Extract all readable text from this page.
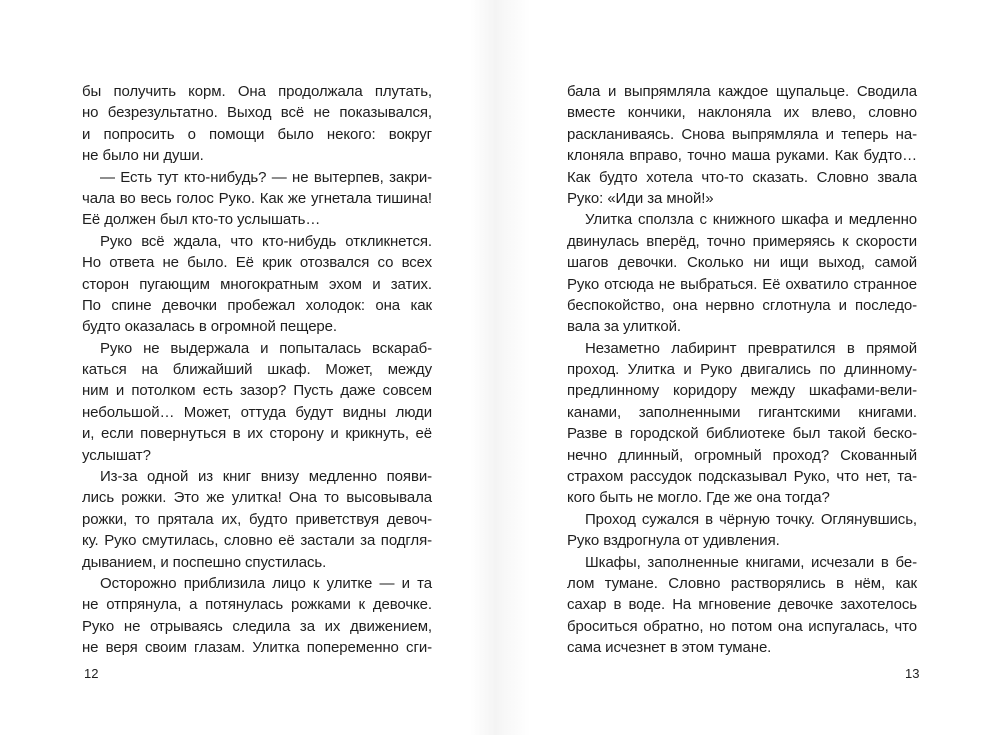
бы получить корм. Она продолжала плутать,
но безрезультатно. Выход всё не показывался,
и попросить о помощи было некого: вокруг
не было ни души.
— Есть тут кто-нибудь? — не вытерпев, закри-
чала во весь голос Руко. Как же угнетала тишина!
Её должен был кто-то услышать…
Руко всё ждала, что кто-нибудь откликнется.
Но ответа не было. Её крик отозвался со всех
сторон пугающим многократным эхом и затих.
По спине девочки пробежал холодок: она как
будто оказалась в огромной пещере.
Руко не выдержала и попыталась вскараб-
каться на ближайший шкаф. Может, между
ним и потолком есть зазор? Пусть даже совсем
небольшой… Может, оттуда будут видны люди
и, если повернуться в их сторону и крикнуть, её
услышат?
Из-за одной из книг внизу медленно появи-
лись рожки. Это же улитка! Она то высовывала
рожки, то прятала их, будто приветствуя девоч-
ку. Руко смутилась, словно её застали за подгля-
дыванием, и поспешно спустилась.
Осторожно приблизила лицо к улитке — и та
не отпрянула, а потянулась рожками к девочке.
Руко не отрываясь следила за их движением,
не веря своим глазам. Улитка попеременно сги-
бала и выпрямляла каждое щупальце. Сводила
вместе кончики, наклоняла их влево, словно
раскланиваясь. Снова выпрямляла и теперь на-
клоняла вправо, точно маша руками. Как будто…
Как будто хотела что-то сказать. Словно звала
Руко: «Иди за мной!»
Улитка сползла с книжного шкафа и медленно
двинулась вперёд, точно примеряясь к скорости
шагов девочки. Сколько ни ищи выход, самой
Руко отсюда не выбраться. Её охватило странное
беспокойство, она нервно сглотнула и последо-
вала за улиткой.
Незаметно лабиринт превратился в прямой
проход. Улитка и Руко двигались по длинному-
предлинному коридору между шкафами-вели-
канами, заполненными гигантскими книгами.
Разве в городской библиотеке был такой беско-
нечно длинный, огромный проход? Скованный
страхом рассудок подсказывал Руко, что нет, та-
кого быть не могло. Где же она тогда?
Проход сужался в чёрную точку. Оглянувшись,
Руко вздрогнула от удивления.
Шкафы, заполненные книгами, исчезали в бе-
лом тумане. Словно растворялись в нём, как
сахар в воде. На мгновение девочке захотелось
броситься обратно, но потом она испугалась, что
сама исчезнет в этом тумане.
12	13
